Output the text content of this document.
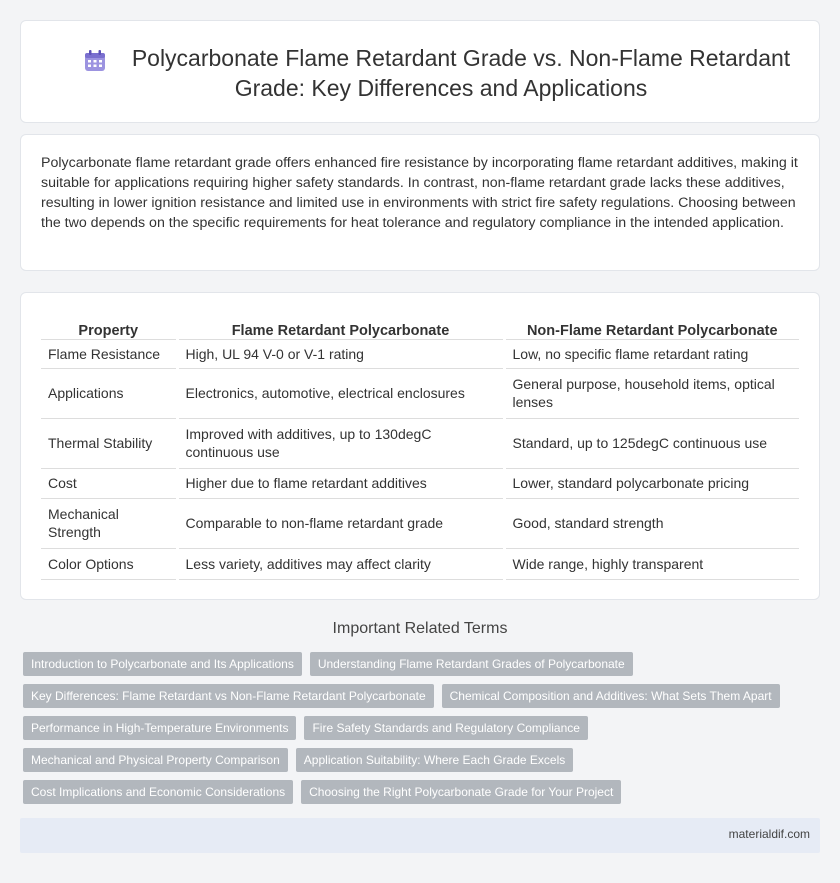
Polycarbonate Flame Retardant Grade vs. Non-Flame Retardant Grade: Key Differences and Applications

Polycarbonate flame retardant grade offers enhanced fire resistance by incorporating flame retardant additives, making it suitable for applications requiring higher safety standards. In contrast, non-flame retardant grade lacks these additives, resulting in lower ignition resistance and limited use in environments with strict fire safety regulations. Choosing between the two depends on the specific requirements for heat tolerance and regulatory compliance in the intended application.

Property	Flame Retardant Polycarbonate	Non-Flame Retardant Polycarbonate
Flame Resistance	High, UL 94 V-0 or V-1 rating	Low, no specific flame retardant rating
Applications	Electronics, automotive, electrical enclosures	General purpose, household items, optical lenses
Thermal Stability	Improved with additives, up to 130degC continuous use	Standard, up to 125degC continuous use
Cost	Higher due to flame retardant additives	Lower, standard polycarbonate pricing
Mechanical Strength	Comparable to non-flame retardant grade	Good, standard strength
Color Options	Less variety, additives may affect clarity	Wide range, highly transparent
Important Related Terms
Introduction to Polycarbonate and Its Applications	Understanding Flame Retardant Grades of Polycarbonate
Key Differences: Flame Retardant vs Non-Flame Retardant Polycarbonate	Chemical Composition and Additives: What Sets Them Apart
Performance in High-Temperature Environments	Fire Safety Standards and Regulatory Compliance
Mechanical and Physical Property Comparison	Application Suitability: Where Each Grade Excels
Cost Implications and Economic Considerations	Choosing the Right Polycarbonate Grade for Your Project
materialdif.com
